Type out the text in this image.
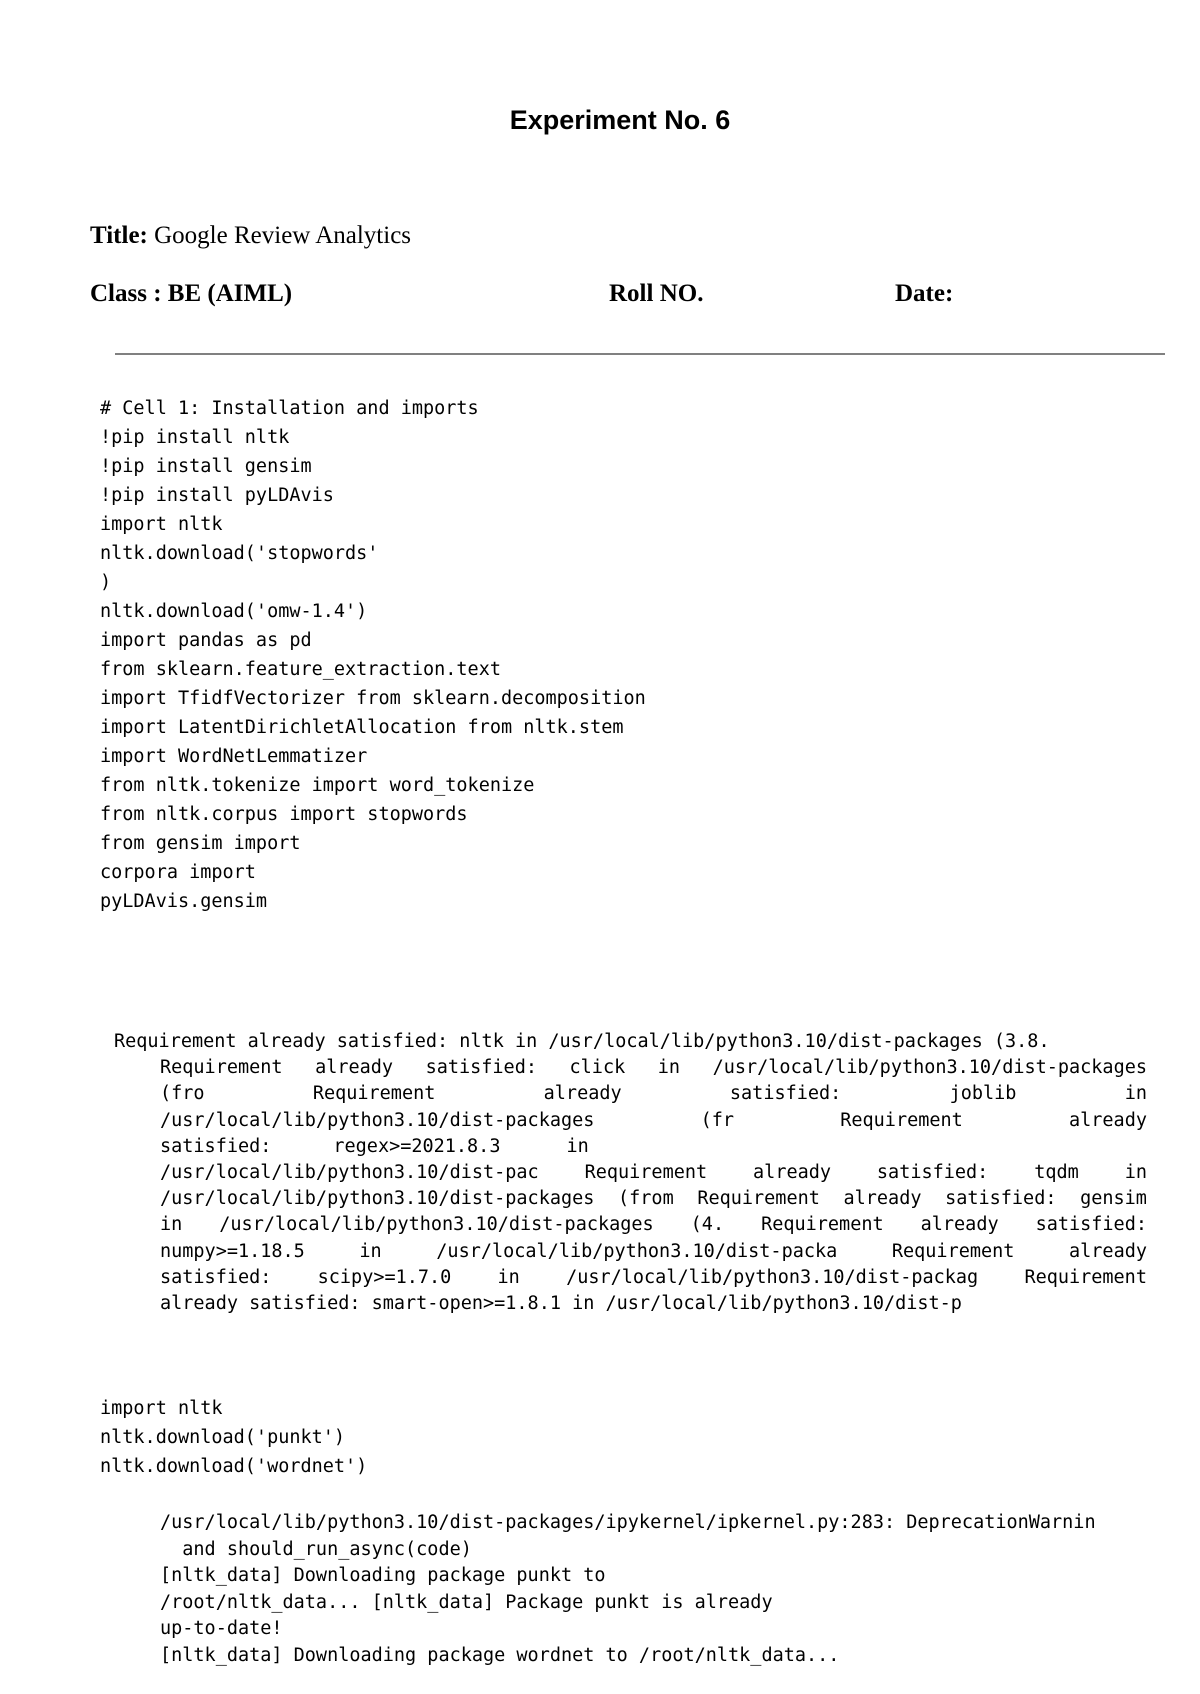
Experiment No. 6
Title: Google Review Analytics
Class : BE (AIML)	Roll NO.	Date:
# Cell 1: Installation and imports
!pip install nltk
!pip install gensim
!pip install pyLDAvis
import nltk
nltk.download('stopwords'
)
nltk.download('omw-1.4')
import pandas as pd
from sklearn.feature_extraction.text
import TfidfVectorizer from sklearn.decomposition
import LatentDirichletAllocation from nltk.stem
import WordNetLemmatizer
from nltk.tokenize import word_tokenize
from nltk.corpus import stopwords
from gensim import
corpora import
pyLDAvis.gensim
Requirement already satisfied: nltk in /usr/local/lib/python3.10/dist-packages (3.8.
Requirement already satisfied: click in /usr/local/lib/python3.10/dist-packages
(fro	Requirement	already	satisfied:	joblib	in
/usr/local/lib/python3.10/dist-packages	(fr	Requirement	already
satisfied:	regex>=2021.8.3	in
/usr/local/lib/python3.10/dist-pac Requirement already satisfied: tqdm in
/usr/local/lib/python3.10/dist-packages (from Requirement already satisfied: gensim
in /usr/local/lib/python3.10/dist-packages (4. Requirement already satisfied:
numpy>=1.18.5	in	/usr/local/lib/python3.10/dist-packa	Requirement	already
satisfied:	scipy>=1.7.0	in	/usr/local/lib/python3.10/dist-packag	Requirement
already satisfied: smart-open>=1.8.1 in /usr/local/lib/python3.10/dist-p
import nltk
nltk.download('punkt')
nltk.download('wordnet')
/usr/local/lib/python3.10/dist-packages/ipykernel/ipkernel.py:283: DeprecationWarnin
and should_run_async(code)
[nltk_data] Downloading package punkt to
/root/nltk_data... [nltk_data] Package punkt is already
up-to-date!
[nltk_data] Downloading package wordnet to /root/nltk_data...
